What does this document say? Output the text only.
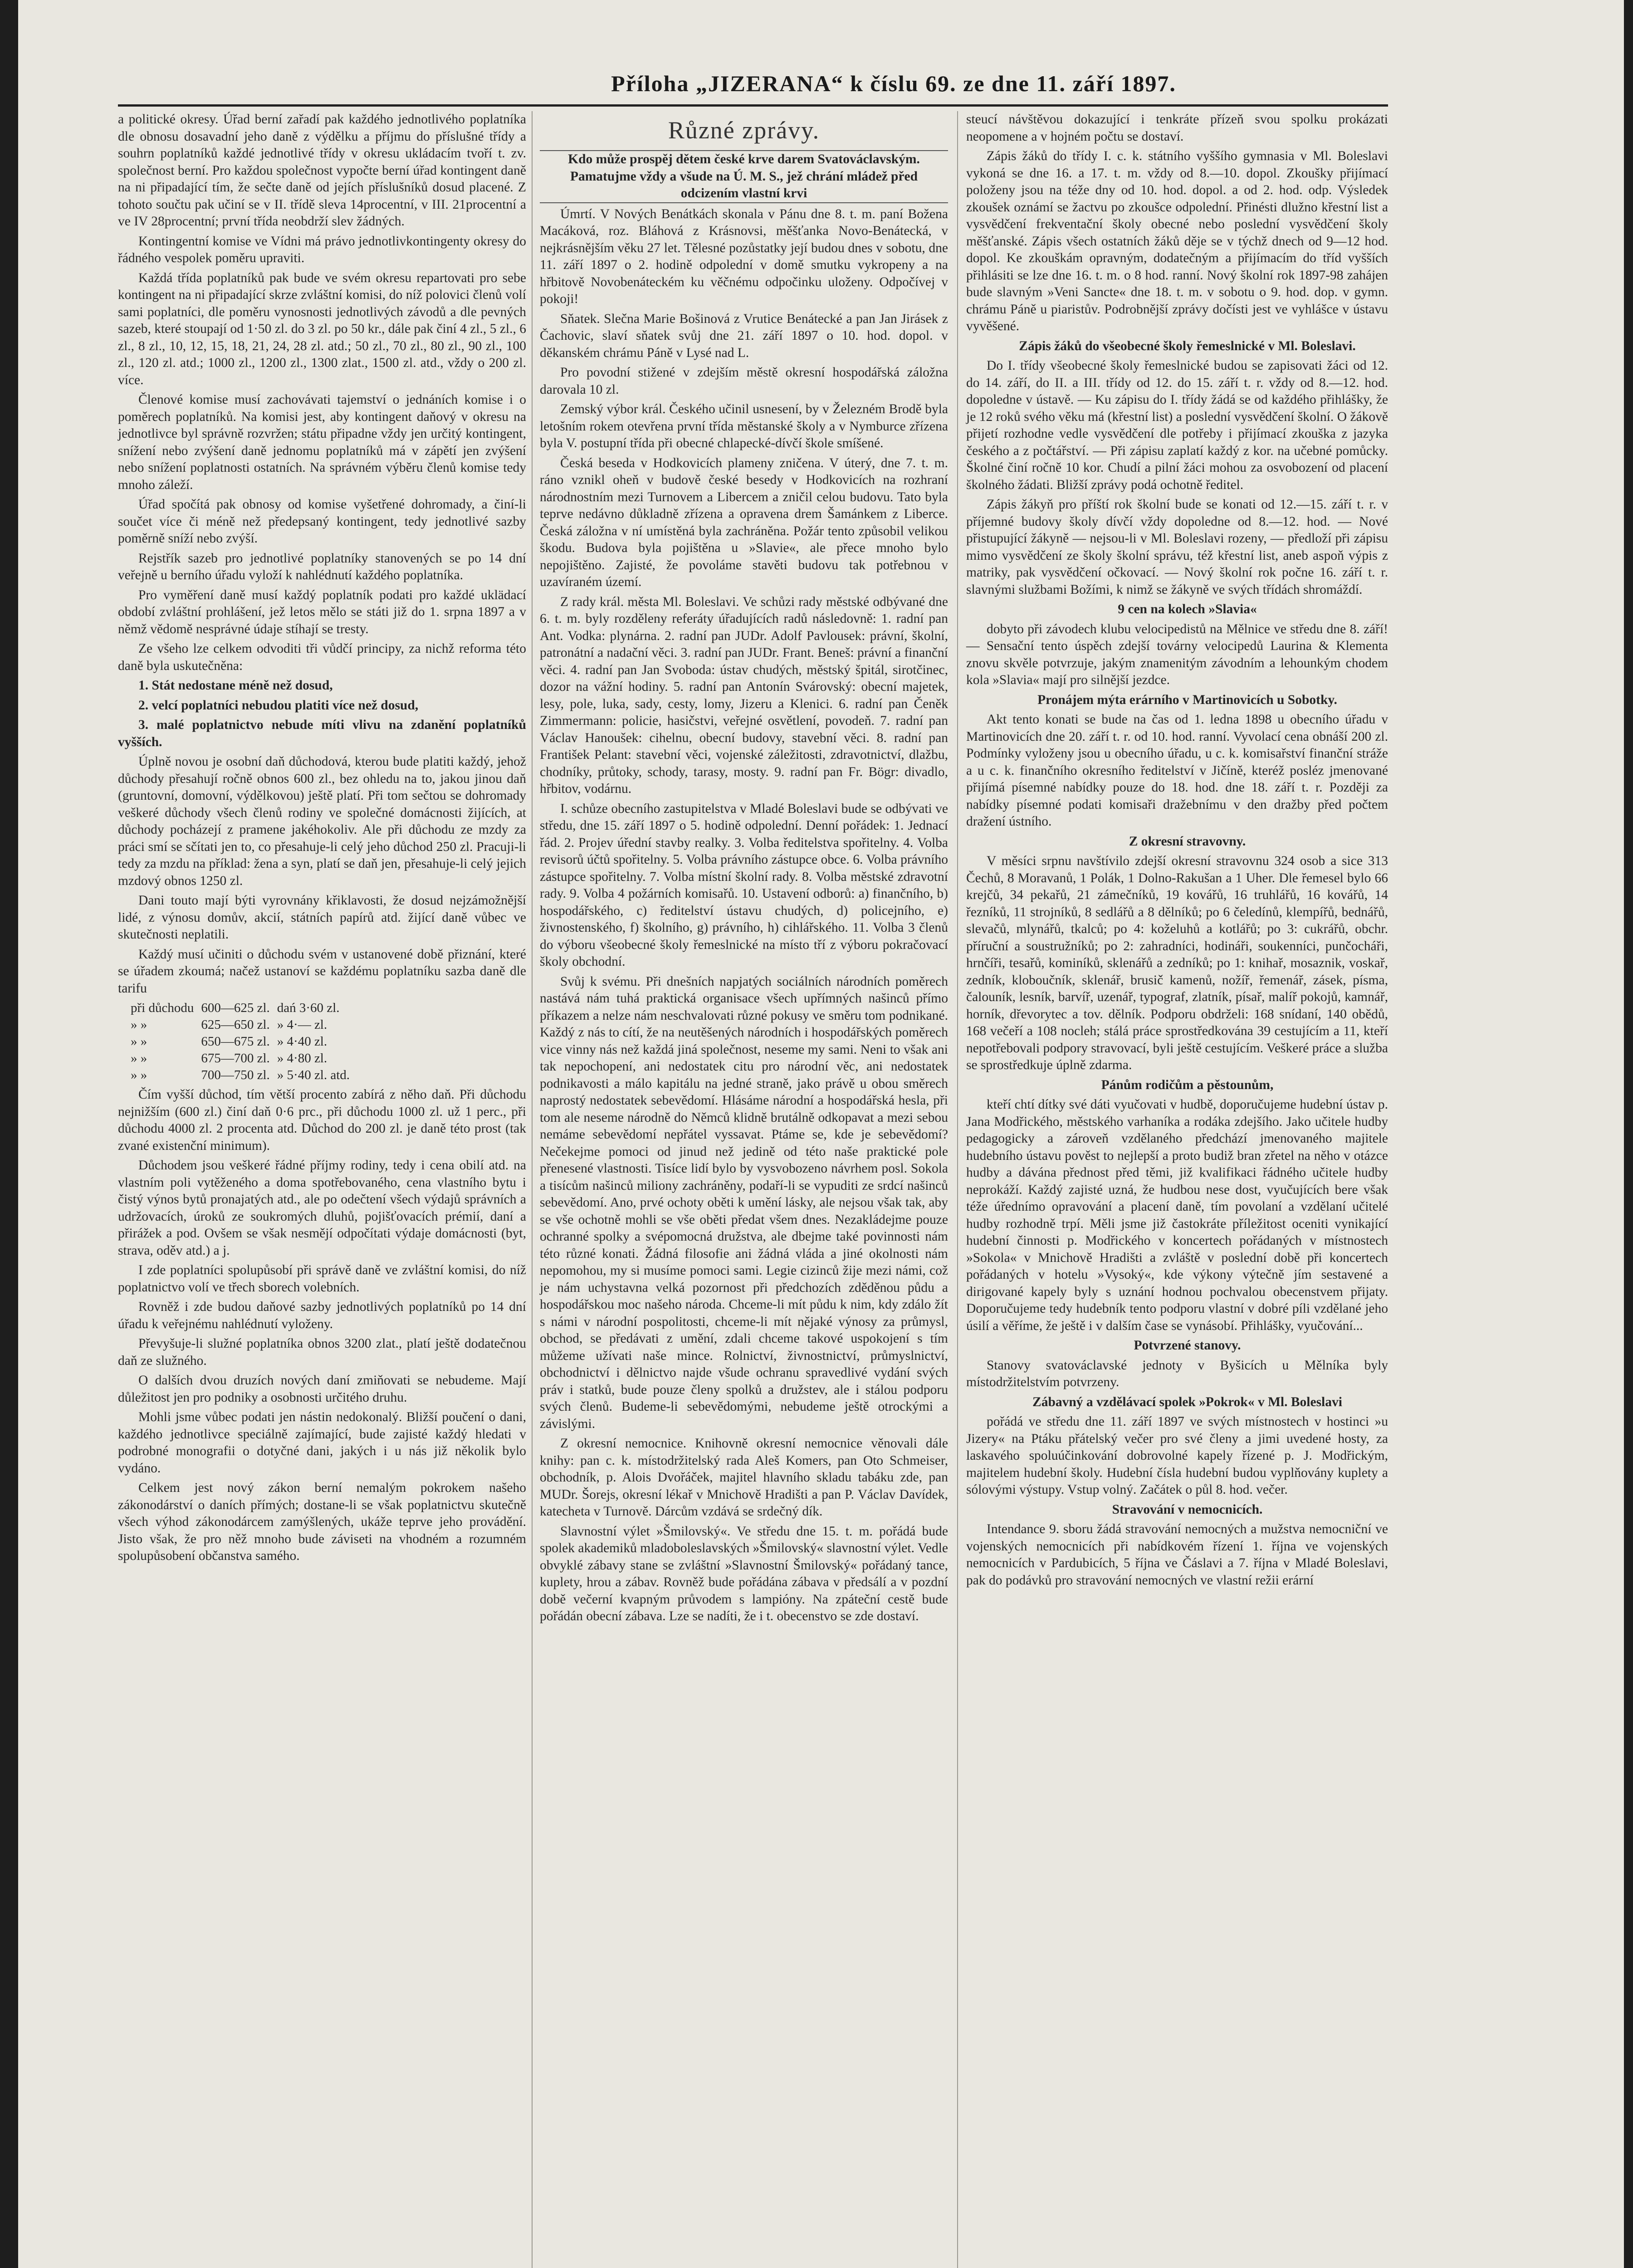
Příloha „JIZERANA“ k číslu 69. ze dne 11. září 1897.

a politické okresy. Úřad berní zařadí pak každého jednotlivého poplatníka dle obnosu dosavadní jeho daně z výdělku a příjmu do příslušné třídy a souhrn poplatníků každé jednotlivé třídy v okresu ukládacím tvoří t. zv. společnost berní. Pro každou společnost vypočte berní úřad kontingent daně na ni připadající tím, že sečte daně od jejích příslušníků dosud placené. Z tohoto součtu pak učiní se v II. třídě sleva 14procentní, v III. 21procentní a ve IV 28procentní; první třída neobdrží slev žádných.

Kontingentní komise ve Vídni má právo jednotlivkontingenty okresy do řádného vespolek poměru upraviti.

Každá třída poplatníků pak bude ve svém okresu repartovati pro sebe kontingent na ni připadající skrze zvláštní komisi, do níž polovici členů volí sami poplatníci, dle poměru vynosnosti jednotlivých závodů a dle pevných sazeb, které stoupají od 1·50 zl. do 3 zl. po 50 kr., dále pak činí 4 zl., 5 zl., 6 zl., 8 zl., 10, 12, 15, 18, 21, 24, 28 zl. atd.; 50 zl., 70 zl., 80 zl., 90 zl., 100 zl., 120 zl. atd.; 1000 zl., 1200 zl., 1300 zlat., 1500 zl. atd., vždy o 200 zl. více.

Členové komise musí zachovávati tajemství o jednáních komise i o poměrech poplatníků. Na komisi jest, aby kontingent daňový v okresu na jednotlivce byl správně rozvržen; státu připadne vždy jen určitý kontingent, snížení nebo zvýšení daně jednomu poplatníků má v zápětí jen zvýšení nebo snížení poplatnosti ostatních. Na správném výběru členů komise tedy mnoho záleží.

Úřad spočítá pak obnosy od komise vyšetřené dohromady, a činí-li součet více či méně než předepsaný kontingent, tedy jednotlivé sazby poměrně sníží nebo zvýší.

Rejstřík sazeb pro jednotlivé poplatníky stanovených se po 14 dní veřejně u berního úřadu vyloží k nahlédnutí každého poplatníka.

Pro vyměření daně musí každý poplatník podati pro každé uklädací období zvláštní prohlášení, jež letos mělo se státi již do 1. srpna 1897 a v němž vědomě nesprávné údaje stíhají se tresty.

Ze všeho lze celkem odvoditi tři vůdčí principy, za nichž reforma této daně byla uskutečněna:

1. Stát nedostane méně než dosud,

2. velcí poplatníci nebudou platiti více než dosud,

3. malé poplatnictvo nebude míti vlivu na zdanění poplatníků vyšších.

Úplně novou je osobní daň důchodová, kterou bude platiti každý, jehož důchody přesahují ročně obnos 600 zl., bez ohledu na to, jakou jinou daň (gruntovní, domovní, výdělkovou) ještě platí. Při tom sečtou se dohromady veškeré důchody všech členů rodiny ve společné domácnosti žijících, at důchody pocházejí z pramene jakéhokoliv. Ale při důchodu ze mzdy za práci smí se sčítati jen to, co přesahuje-li celý jeho důchod 250 zl. Pracuji-li tedy za mzdu na příklad: žena a syn, platí se daň jen, přesahuje-li celý jejich mzdový obnos 1250 zl.

Dani touto mají býti vyrovnány křiklavosti, že dosud nejzámožnější lidé, z výnosu domův, akcií, státních papírů atd. žijící daně vůbec ve skutečnosti neplatili.

Každý musí učiniti o důchodu svém v ustanovené době přiznání, které se úřadem zkoumá; načež ustanoví se každému poplatníku sazba daně dle tarifu

při důchodu	600—625 zl.	dań 3·60 zl.
» »	625—650 zl.	» 4·— zl.
» »	650—675 zl.	» 4·40 zl.
» »	675—700 zl.	» 4·80 zl.
» »	700—750 zl.	» 5·40 zl. atd.

Čím vyšší důchod, tím větší procento zabírá z něho daň. Při důchodu nejnižším (600 zl.) činí daň 0·6 prc., při důchodu 1000 zl. už 1 perc., při důchodu 4000 zl. 2 procenta atd. Důchod do 200 zl. je daně této prost (tak zvané existenční minimum).

Důchodem jsou veškeré řádné příjmy rodiny, tedy i cena obilí atd. na vlastním poli vytěženého a doma spotřebovaného, cena vlastního bytu i čistý výnos bytů pronajatých atd., ale po odečtení všech výdajů správních a udržovacích, úroků ze soukromých dluhů, pojišťovacích prémií, daní a přirážek a pod. Ovšem se však nesmějí odpočítati výdaje domácnosti (byt, strava, oděv atd.) a j.

I zde poplatníci spolupůsobí při správě daně ve zvláštní komisi, do níž poplatnictvo volí ve třech sborech volebních.

Rovněž i zde budou daňové sazby jednotlivých poplatníků po 14 dní úřadu k veřejnému nahlédnutí vyloženy.

Převyšuje-li služné poplatníka obnos 3200 zlat., platí ještě dodatečnou daň ze služného.

O dalších dvou druzích nových daní zmiňovati se nebudeme. Mají důležitost jen pro podniky a osobnosti určitého druhu.

Mohli jsme vůbec podati jen nástin nedokonalý. Bližší poučení o dani, každého jednotlivce speciálně zajímající, bude zajisté každý hledati v podrobné monografii o dotyčné dani, jakých i u nás již několik bylo vydáno.

Celkem jest nový zákon berní nemalým pokrokem našeho zákonodárství o daních přímých; dostane-li se však poplatnictvu skutečně všech výhod zákonodárcem zamýšlených, ukáže teprve jeho provádění. Jisto však, že pro něž mnoho bude záviseti na vhodném a rozumném spolupůsobení občanstva samého.

Různé zprávy.

Kdo může prospěj dětem české krve darem Svatováclavským. Pamatujme vždy a všude na Ú. M. S., jež chrání mládež před odcizením vlastní krvi

Úmrtí. V Nových Benátkách skonala v Pánu dne 8. t. m. paní Božena Macáková, roz. Bláhová z Krásnovsi, měšťanka Novo-Benátecká, v nejkrásnějším věku 27 let. Tělesné pozůstatky její budou dnes v sobotu, dne 11. září 1897 o 2. hodině odpolední v domě smutku vykropeny a na hřbitově Novobenáteckém ku věčnému odpočinku uloženy. Odpočívej v pokoji!

Sňatek. Slečna Marie Bošinová z Vrutice Benátecké a pan Jan Jirásek z Čachovic, slaví sňatek svůj dne 21. září 1897 o 10. hod. dopol. v děkanském chrámu Páně v Lysé nad L.

Pro povodní stižené v zdejším městě okresní hospodářská záložna darovala 10 zl.

Zemský výbor král. Českého učinil usnesení, by v Železném Brodě byla letošním rokem otevřena první třída městanské školy a v Nymburce zřízena byla V. postupní třída při obecné chlapecké-dívčí škole smíšené.

Česká beseda v Hodkovicích plameny zničena. V úterý, dne 7. t. m. ráno vznikl oheň v budově české besedy v Hodkovicích na rozhraní národnostním mezi Turnovem a Libercem a zničil celou budovu. Tato byla teprve nedávno důkladně zřízena a opravena drem Šamánkem z Liberce. Česká záložna v ní umístěná byla zachráněna. Požár tento způsobil velikou škodu. Budova byla pojištěna u »Slavie«, ale přece mnoho bylo nepojištěno. Zajisté, že povoláme stavěti budovu tak potřebnou v uzavíraném území.

Z rady král. města Ml. Boleslavi. Ve schůzi rady městské odbývané dne 6. t. m. byly rozděleny referáty úřadujících radů následovně: 1. radní pan Ant. Vodka: plynárna. 2. radní pan JUDr. Adolf Pavlousek: právní, školní, patronátní a nadační věci. 3. radní pan JUDr. Frant. Beneš: právní a finanční věci. 4. radní pan Jan Svoboda: ústav chudých, městský špitál, sirotčinec, dozor na vážní hodiny. 5. radní pan Antonín Svárovský: obecní majetek, lesy, pole, luka, sady, cesty, lomy, Jizeru a Klenici. 6. radní pan Čeněk Zimmermann: policie, hasičstvi, veřejné osvětlení, povodeň. 7. radní pan Václav Hanoušek: cihelnu, obecní budovy, stavební věci. 8. radní pan František Pelant: stavební věci, vojenské záležitosti, zdravotnictví, dlažbu, chodníky, průtoky, schody, tarasy, mosty. 9. radní pan Fr. Bögr: divadlo, hřbitov, vodárnu.

I. schůze obecního zastupitelstva v Mladé Boleslavi bude se odbývati ve středu, dne 15. září 1897 o 5. hodině odpolední. Denní pořádek: 1. Jednací řád. 2. Projev úřední stavby realky. 3. Volba ředitelstva spořitelny. 4. Volba revisorů účtů spořitelny. 5. Volba právního zástupce obce. 6. Volba právního zástupce spořitelny. 7. Volba místní školní rady. 8. Volba městské zdravotní rady. 9. Volba 4 požárních komisařů. 10. Ustavení odborů: a) finančního, b) hospodářského, c) ředitelství ústavu chudých, d) policejního, e) živnostenského, f) školního, g) právního, h) cihlářského. 11. Volba 3 členů do výboru všeobecné školy řemeslnické na místo tří z výboru pokračovací školy obchodní.

Svůj k svému. Při dnešních napjatých sociálních národních poměrech nastává nám tuhá praktická organisace všech upřímných našinců přímo příkazem a nelze nám neschvalovati různé pokusy ve směru tom podnikané. Každý z nás to cítí, že na neutěšených národních i hospodářských poměrech vice vinny nás než každá jiná společnost, neseme my sami. Neni to však ani tak nepochopení, ani nedostatek citu pro národní věc, ani nedostatek podnikavosti a málo kapitálu na jedné straně, jako právě u obou směrech naprostý nedostatek sebevědomí. Hlásáme národní a hospodářská hesla, při tom ale neseme národně do Němců klidně brutálně odkopavat a mezi sebou nemáme sebevědomí nepřátel vyssavat. Ptáme se, kde je sebevědomí? Nečekejme pomoci od jinud než jedině od této naše praktické pole přenesené vlastnosti. Tisíce lidí bylo by vysvobozeno návrhem posl. Sokola a tisícům našinců miliony zachráněny, podaří-li se vypuditi ze srdcí našinců sebevědomí. Ano, prvé ochoty oběti k umění lásky, ale nejsou však tak, aby se vše ochotně mohli se vše oběti předat všem dnes. Nezakládejme pouze ochranné spolky a svépomocná družstva, ale dbejme také povinnosti nám této různé konati. Žádná filosofie ani žádná vláda a jiné okolnosti nám nepomohou, my si musíme pomoci sami. Legie cizinců žije mezi námi, což je nám uchystavna velká pozornost při předchozích zděděnou půdu a hospodářskou moc našeho národa. Chceme-li mít půdu k nim, kdy zdálo žít s námi v národní pospolitosti, chceme-li mít nějaké výnosy za průmysl, obchod, se předávati z umění, zdali chceme takové uspokojení s tím můžeme užívati naše mince. Rolnictví, živnostnictví, průmyslnictví, obchodnictví i dělnictvo najde všude ochranu spravedlivé vydání svých práv i statků, bude pouze členy spolků a družstev, ale i stálou podporu svých členů. Budeme-li sebevědomými, nebudeme ještě otrockými a závislými.

Z okresní nemocnice. Knihovně okresní nemocnice věnovali dále knihy: pan c. k. místodržitelský rada Aleš Komers, pan Oto Schmeiser, obchodník, p. Alois Dvořáček, majitel hlavního skladu tabáku zde, pan MUDr. Šorejs, okresní lékař v Mnichově Hradišti a pan P. Václav Davídek, katecheta v Turnově. Dárcům vzdává se srdečný dík.

Slavnostní výlet »Šmilovský«. Ve středu dne 15. t. m. pořádá bude spolek akademiků mladoboleslavských »Šmilovský« slavnostní výlet. Vedle obvyklé zábavy stane se zvláštní »Slavnostní Šmilovský« pořádaný tance, kuplety, hrou a zábav. Rovněž bude pořádána zábava v předsálí a v pozdní době večerní kvapným průvodem s lampióny. Na zpáteční cestě bude pořádán obecní zábava. Lze se nadíti, že i t. obecenstvo se zde dostaví.

steucí návštěvou dokazující i tenkráte přízeň svou spolku prokázati neopomene a v hojném počtu se dostaví.

Zápis žáků do třídy I. c. k. státního vyššího gymnasia v Ml. Boleslavi vykoná se dne 16. a 17. t. m. vždy od 8.—10. dopol. Zkoušky přijímací položeny jsou na téže dny od 10. hod. dopol. a od 2. hod. odp. Výsledek zkoušek oznámí se žactvu po zkoušce odpolední. Přinésti dlužno křestní list a vysvědčení frekventační školy obecné nebo poslední vysvědčení školy měšťanské. Zápis všech ostatních žáků děje se v týchž dnech od 9—12 hod. dopol. Ke zkouškám opravným, dodatečným a přijímacím do tříd vyšších přihlásiti se lze dne 16. t. m. o 8 hod. ranní. Nový školní rok 1897-98 zahájen bude slavným »Veni Sancte« dne 18. t. m. v sobotu o 9. hod. dop. v gymn. chrámu Páně u piaristův. Podrobnější zprávy dočísti jest ve vyhlášce v ústavu vyvěšené.

Zápis žáků do všeobecné školy řemeslnické v Ml. Boleslavi.

Do I. třídy všeobecné školy řemeslnické budou se zapisovati žáci od 12. do 14. září, do II. a III. třídy od 12. do 15. září t. r. vždy od 8.—12. hod. dopoledne v ústavě. — Ku zápisu do I. třídy žádá se od každého přihlášky, že je 12 roků svého věku má (křestní list) a poslední vysvědčení školní. O žákově přijetí rozhodne vedle vysvědčení dle potřeby i přijímací zkouška z jazyka českého a z počtářství. — Při zápisu zaplatí každý z kor. na učebné pomůcky. Školné činí ročně 10 kor. Chudí a pilní žáci mohou za osvobození od placení školného žádati. Bližší zprávy podá ochotně ředitel.

Zápis žákyň pro příští rok školní bude se konati od 12.—15. září t. r. v příjemné budovy školy dívčí vždy dopoledne od 8.—12. hod. — Nové přistupující žákyně — nejsou-li v Ml. Boleslavi rozeny, — předloží při zápisu mimo vysvědčení ze školy školní správu, též křestní list, aneb aspoň výpis z matriky, pak vysvědčení očkovací. — Nový školní rok počne 16. září t. r. slavnými službami Božími, k nimž se žákyně ve svých třídách shromáždí.

9 cen na kolech »Slavia«

dobyto při závodech klubu velocipedistů na Mělnice ve středu dne 8. září! — Sensační tento úspěch zdejší továrny velocipedů Laurina & Klementa znovu skvěle potvrzuje, jakým znamenitým závodním a lehounkým chodem kola »Slavia« mají pro silnější jezdce.

Pronájem mýta erárního v Martinovicích u Sobotky.

Akt tento konati se bude na čas od 1. ledna 1898 u obecního úřadu v Martinovicích dne 20. září t. r. od 10. hod. ranní. Vyvolací cena obnáší 200 zl. Podmínky vyloženy jsou u obecního úřadu, u c. k. komisařství finanční stráže a u c. k. finančního okresního ředitelství v Jičíně, kteréž posléz jmenované přijímá písemné nabídky pouze do 18. hod. dne 18. září t. r. Později za nabídky písemné podati komisaři dražebnímu v den dražby před počtem dražení ústního.

Z okresní stravovny.

V měsíci srpnu navštívilo zdejší okresní stravovnu 324 osob a sice 313 Čechů, 8 Moravanů, 1 Polák, 1 Dolno-Rakušan a 1 Uher. Dle řemesel bylo 66 krejčů, 34 pekařů, 21 zámečníků, 19 kovářů, 16 truhlářů, 16 kovářů, 14 řezníků, 11 strojníků, 8 sedlářů a 8 dělníků; po 6 čeledínů, klempířů, bednářů, slevačů, mlynářů, tkalců; po 4: koželuhů a kotlářů; po 3: cukrářů, obchr. příruční a soustružníků; po 2: zahradníci, hodináři, soukenníci, punčocháři, hrnčíři, tesařů, kominíků, sklenářů a zedníků; po 1: knihař, mosaznik, voskař, zedník, kloboučník, sklenář, brusič kamenů, nožíř, řemenář, zásek, písma, čalouník, lesník, barvíř, uzenář, typograf, zlatník, písař, malíř pokojů, kamnář, horník, dřevorytec a tov. dělník. Podporu obdrželi: 168 snídaní, 140 obědů, 168 večeří a 108 nocleh; stálá práce sprostředkována 39 cestujícím a 11, kteří nepotřebovali podpory stravovací, byli ještě cestujícím. Veškeré práce a služba se sprostředkuje úplně zdarma.

Pánům rodičům a pěstounům,

kteří chtí dítky své dáti vyučovati v hudbě, doporučujeme hudební ústav p. Jana Modřického, městského varhaníka a rodáka zdejšího. Jako učitele hudby pedagogicky a zároveň vzdělaného předchází jmenovaného majitele hudebního ústavu pověst to nejlepší a proto budiž bran zřetel na něho v otázce hudby a dávána přednost před těmi, již kvalifikaci řádného učitele hudby neprokáží. Každý zajisté uzná, že hudbou nese dost, vyučujících bere však téže úřednímo opravování a placení daně, tím povolaní a vzdělaní učitelé hudby rozhodně trpí. Měli jsme již častokráte příležitost oceniti vynikající hudební činnosti p. Modřického v koncertech pořádaných v místnostech »Sokola« v Mnichově Hradišti a zvláště v poslední době při koncertech pořádaných v hotelu »Vysoký«, kde výkony výtečně jím sestavené a dirigované kapely byly s uznání hodnou pochvalou obecenstvem přijaty. Doporučujeme tedy hudebník tento podporu vlastní v dobré píli vzdělané jeho úsilí a věříme, že ještě i v dalším čase se vynásobí. Přihlášky, vyučování...

Potvrzené stanovy.

Stanovy svatováclavské jednoty v Byšicích u Mělníka byly místodržitelstvím potvrzeny.

Zábavný a vzdělávací spolek »Pokrok« v Ml. Boleslavi

pořádá ve středu dne 11. září 1897 ve svých místnostech v hostinci »u Jizery« na Ptáku přátelský večer pro své členy a jimi uvedené hosty, za laskavého spoluúčinkování dobrovolné kapely řízené p. J. Modřickým, majitelem hudební školy. Hudební čísla hudební budou vyplňovány kuplety a sólovými výstupy. Vstup volný. Začátek o půl 8. hod. večer.

Stravování v nemocnicích.

Intendance 9. sboru žádá stravování nemocných a mužstva nemocniční ve vojenských nemocnicích při nabídkovém řízení 1. října ve vojenských nemocnicích v Pardubicích, 5 října ve Čáslavi a 7. října v Mladé Boleslavi, pak do podávků pro stravování nemocných ve vlastní režii erární
